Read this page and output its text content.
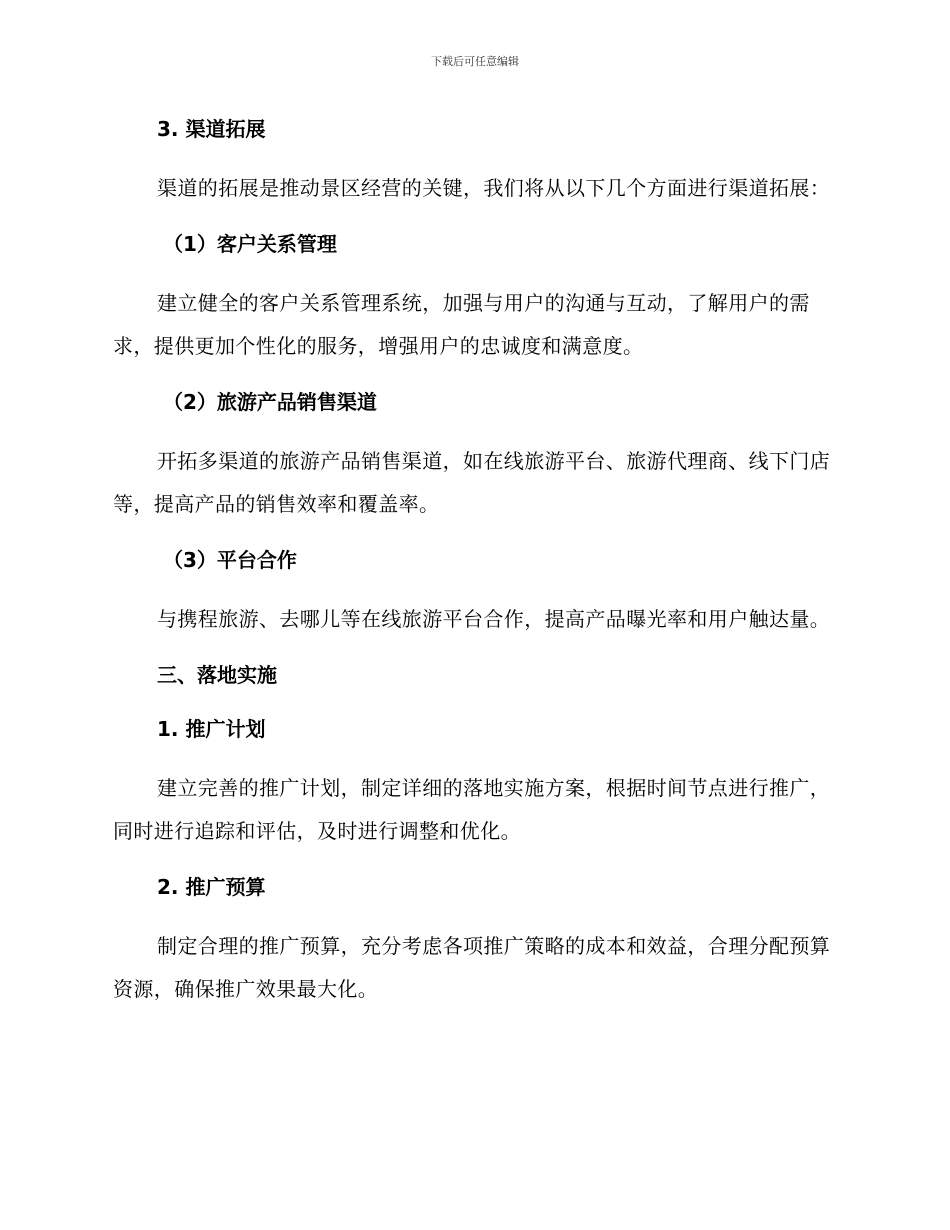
下载后可任意编辑

3. 渠道拓展

渠道的拓展是推动景区经营的关键，我们将从以下几个方面进行渠道拓展：

（1）客户关系管理

建立健全的客户关系管理系统，加强与用户的沟通与互动，了解用户的需求，提供更加个性化的服务，增强用户的忠诚度和满意度。

（2）旅游产品销售渠道

开拓多渠道的旅游产品销售渠道，如在线旅游平台、旅游代理商、线下门店等，提高产品的销售效率和覆盖率。

（3）平台合作

与携程旅游、去哪儿等在线旅游平台合作，提高产品曝光率和用户触达量。

三、落地实施

1. 推广计划

建立完善的推广计划，制定详细的落地实施方案，根据时间节点进行推广，同时进行追踪和评估，及时进行调整和优化。

2. 推广预算

制定合理的推广预算，充分考虑各项推广策略的成本和效益，合理分配预算资源，确保推广效果最大化。
